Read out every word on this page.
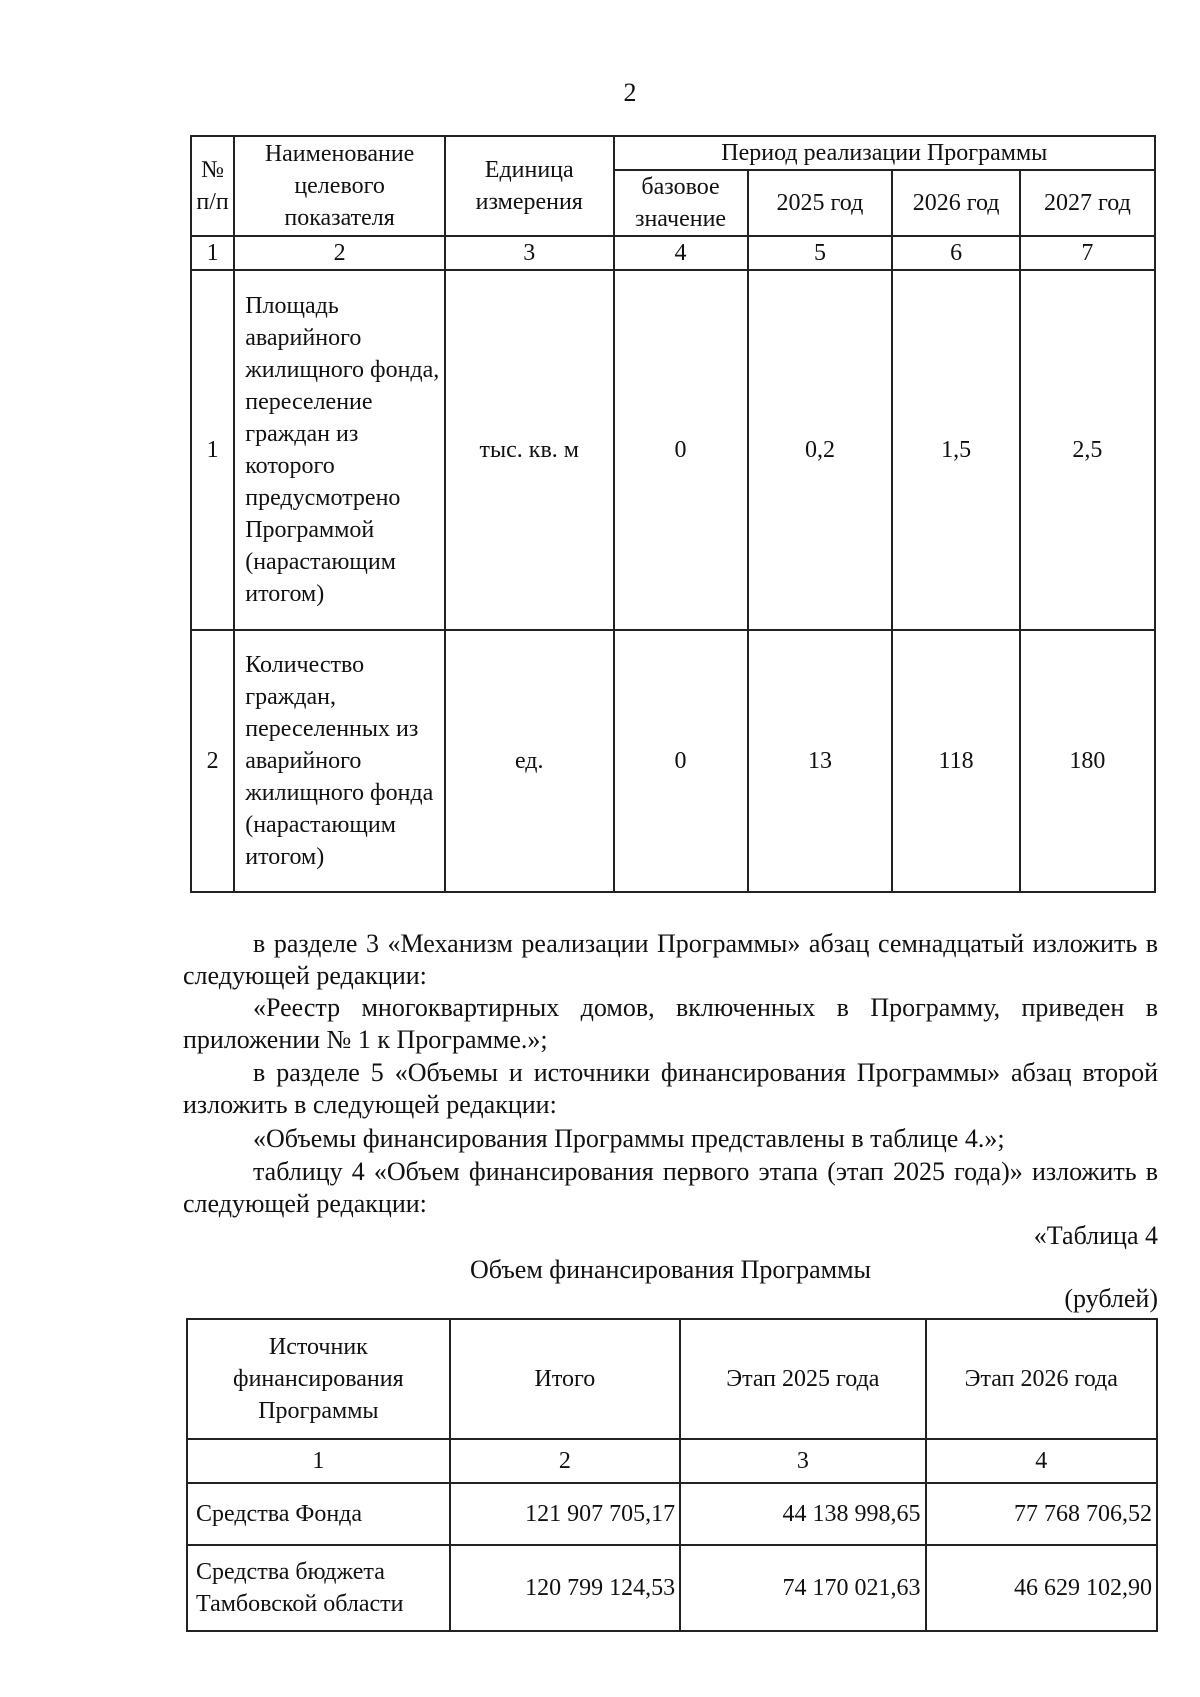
2
№ п/п	Наименование целевого показателя	Единица измерения	Период реализации Программы			
			базовое значение	2025 год	2026 год	2027 год
1	2	3	4	5	6	7
1	Площадь аварийного жилищного фонда, переселение граждан из которого предусмотрено Программой (нарастающим итогом)	тыс. кв. м	0	0,2	1,5	2,5
2	Количество граждан, переселенных из аварийного жилищного фонда (нарастающим итогом)	ед.	0	13	118	180
в разделе 3 «Механизм реализации Программы» абзац семнадцатый изложить в следующей редакции:
«Реестр многоквартирных домов, включенных в Программу, приведен в приложении № 1 к Программе.»;
в разделе 5 «Объемы и источники финансирования Программы» абзац второй изложить в следующей редакции:
«Объемы финансирования Программы представлены в таблице 4.»;
таблицу 4 «Объем финансирования первого этапа (этап 2025 года)» изложить в следующей редакции:
«Таблица 4
Объем финансирования Программы
(рублей)
Источник финансирования Программы	Итого	Этап 2025 года	Этап 2026 года
1	2	3	4
Средства Фонда	121 907 705,17	44 138 998,65	77 768 706,52
Средства бюджета Тамбовской области	120 799 124,53	74 170 021,63	46 629 102,90
